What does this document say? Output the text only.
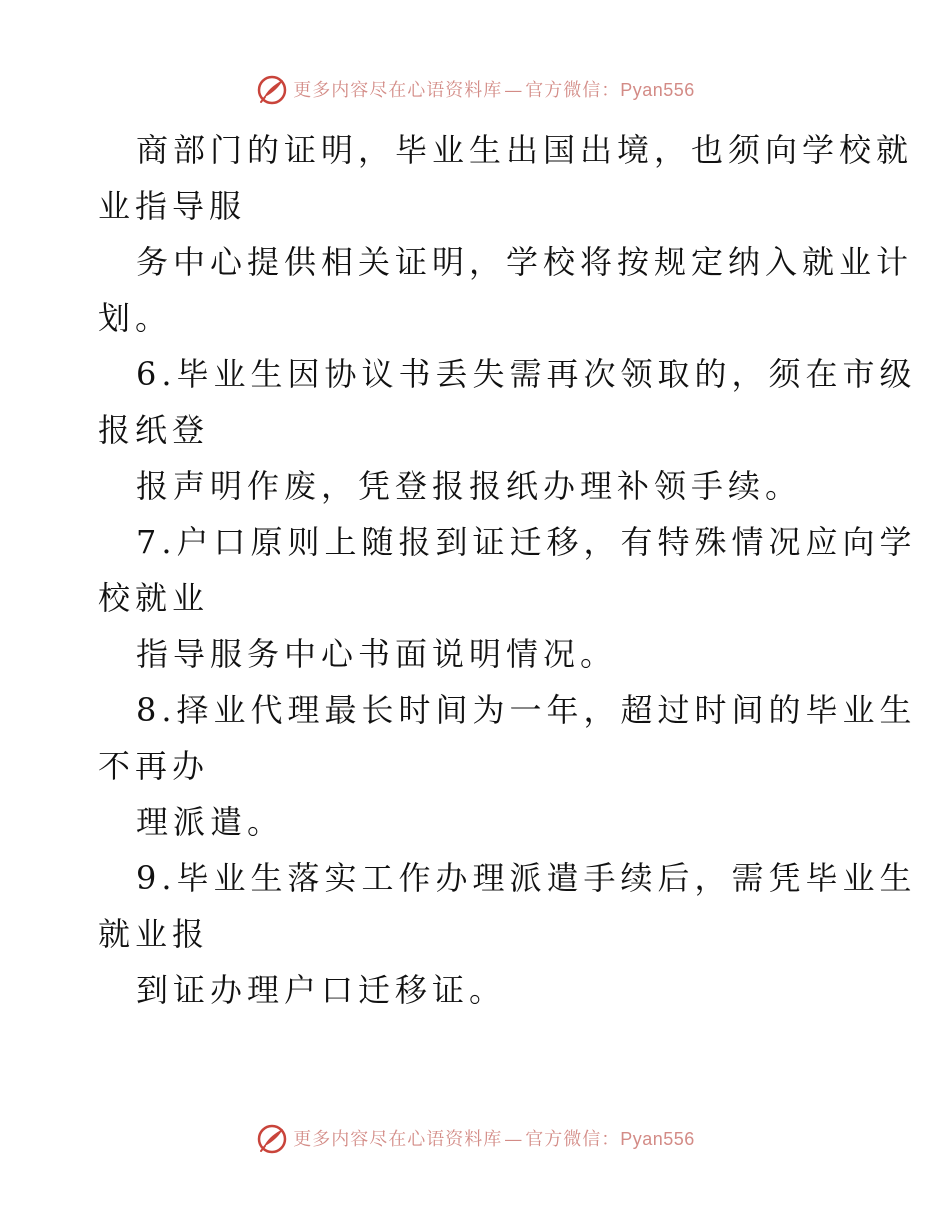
更多内容尽在心语资料库 — 官方微信： Pyan556

商部门的证明，毕业生出国出境，也须向学校就

业指导服

务中心提供相关证明，学校将按规定纳入就业计

划。

6.毕业生因协议书丢失需再次领取的，须在市级

报纸登

报声明作废，凭登报报纸办理补领手续。

7.户口原则上随报到证迁移，有特殊情况应向学

校就业

指导服务中心书面说明情况。

8.择业代理最长时间为一年，超过时间的毕业生

不再办

理派遣。

9.毕业生落实工作办理派遣手续后，需凭毕业生

就业报

到证办理户口迁移证。

更多内容尽在心语资料库 — 官方微信： Pyan556
